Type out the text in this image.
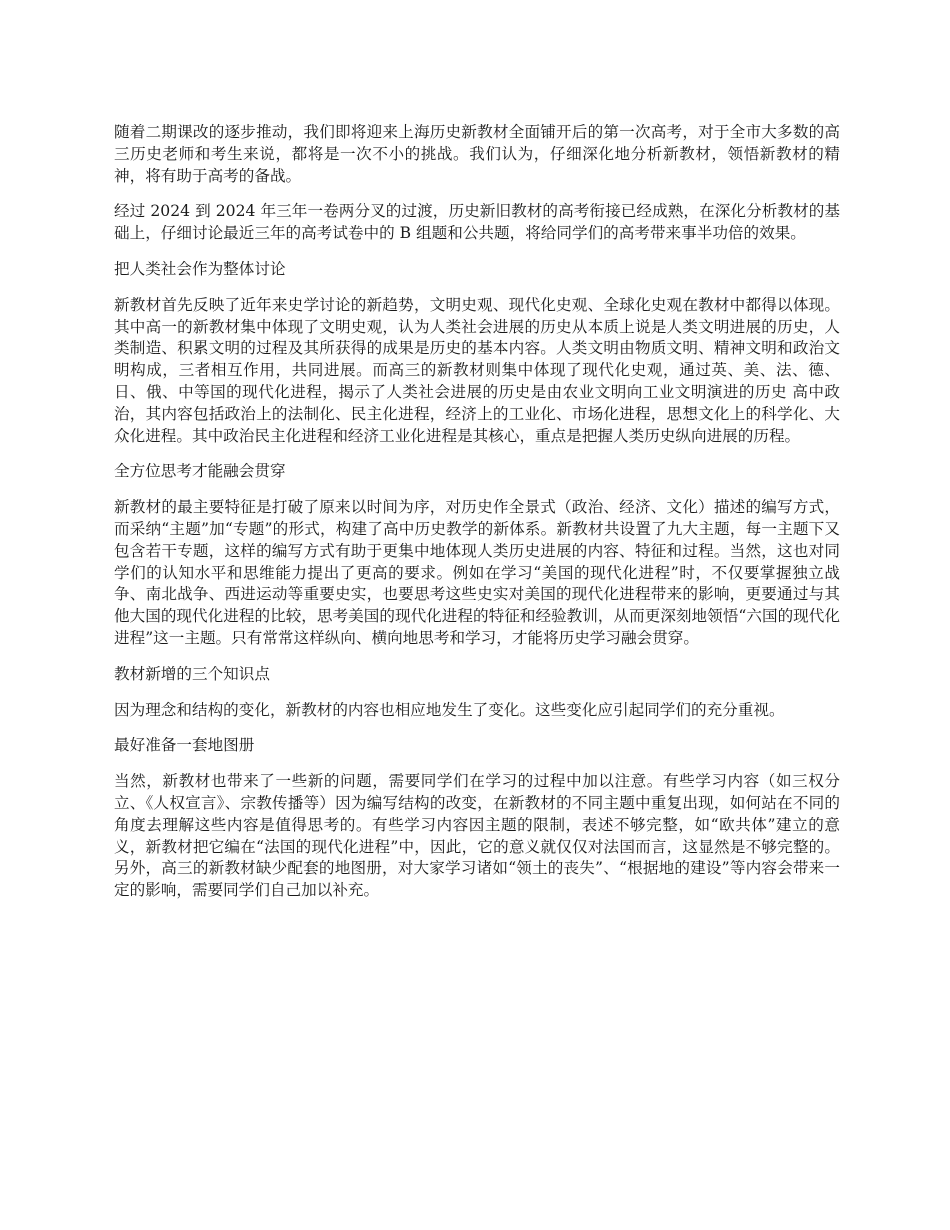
随着二期课改的逐步推动，我们即将迎来上海历史新教材全面铺开后的第一次高考，对于全市大多数的高三历史老师和考生来说，都将是一次不小的挑战。我们认为，仔细深化地分析新教材，领悟新教材的精神，将有助于高考的备战。

经过 2024 到 2024 年三年一卷两分叉的过渡，历史新旧教材的高考衔接已经成熟，在深化分析教材的基础上，仔细讨论最近三年的高考试卷中的 B 组题和公共题，将给同学们的高考带来事半功倍的效果。

把人类社会作为整体讨论

新教材首先反映了近年来史学讨论的新趋势，文明史观、现代化史观、全球化史观在教材中都得以体现。其中高一的新教材集中体现了文明史观，认为人类社会进展的历史从本质上说是人类文明进展的历史，人类制造、积累文明的过程及其所获得的成果是历史的基本内容。人类文明由物质文明、精神文明和政治文明构成，三者相互作用，共同进展。而高三的新教材则集中体现了现代化史观，通过英、美、法、德、日、俄、中等国的现代化进程，揭示了人类社会进展的历史是由农业文明向工业文明演进的历史 高中政治，其内容包括政治上的法制化、民主化进程，经济上的工业化、市场化进程，思想文化上的科学化、大众化进程。其中政治民主化进程和经济工业化进程是其核心，重点是把握人类历史纵向进展的历程。

全方位思考才能融会贯穿

新教材的最主要特征是打破了原来以时间为序，对历史作全景式（政治、经济、文化）描述的编写方式，而采纳“主题”加“专题”的形式，构建了高中历史教学的新体系。新教材共设置了九大主题，每一主题下又包含若干专题，这样的编写方式有助于更集中地体现人类历史进展的内容、特征和过程。当然，这也对同学们的认知水平和思维能力提出了更高的要求。例如在学习“美国的现代化进程”时，不仅要掌握独立战争、南北战争、西进运动等重要史实，也要思考这些史实对美国的现代化进程带来的影响，更要通过与其他大国的现代化进程的比较，思考美国的现代化进程的特征和经验教训，从而更深刻地领悟“六国的现代化进程”这一主题。只有常常这样纵向、横向地思考和学习，才能将历史学习融会贯穿。

教材新增的三个知识点

因为理念和结构的变化，新教材的内容也相应地发生了变化。这些变化应引起同学们的充分重视。

最好准备一套地图册

当然，新教材也带来了一些新的问题，需要同学们在学习的过程中加以注意。有些学习内容（如三权分立、《人权宣言》、宗教传播等）因为编写结构的改变，在新教材的不同主题中重复出现，如何站在不同的角度去理解这些内容是值得思考的。有些学习内容因主题的限制，表述不够完整，如“欧共体”建立的意义，新教材把它编在“法国的现代化进程”中，因此，它的意义就仅仅对法国而言，这显然是不够完整的。另外，高三的新教材缺少配套的地图册，对大家学习诸如“领土的丧失”、“根据地的建设”等内容会带来一定的影响，需要同学们自己加以补充。
